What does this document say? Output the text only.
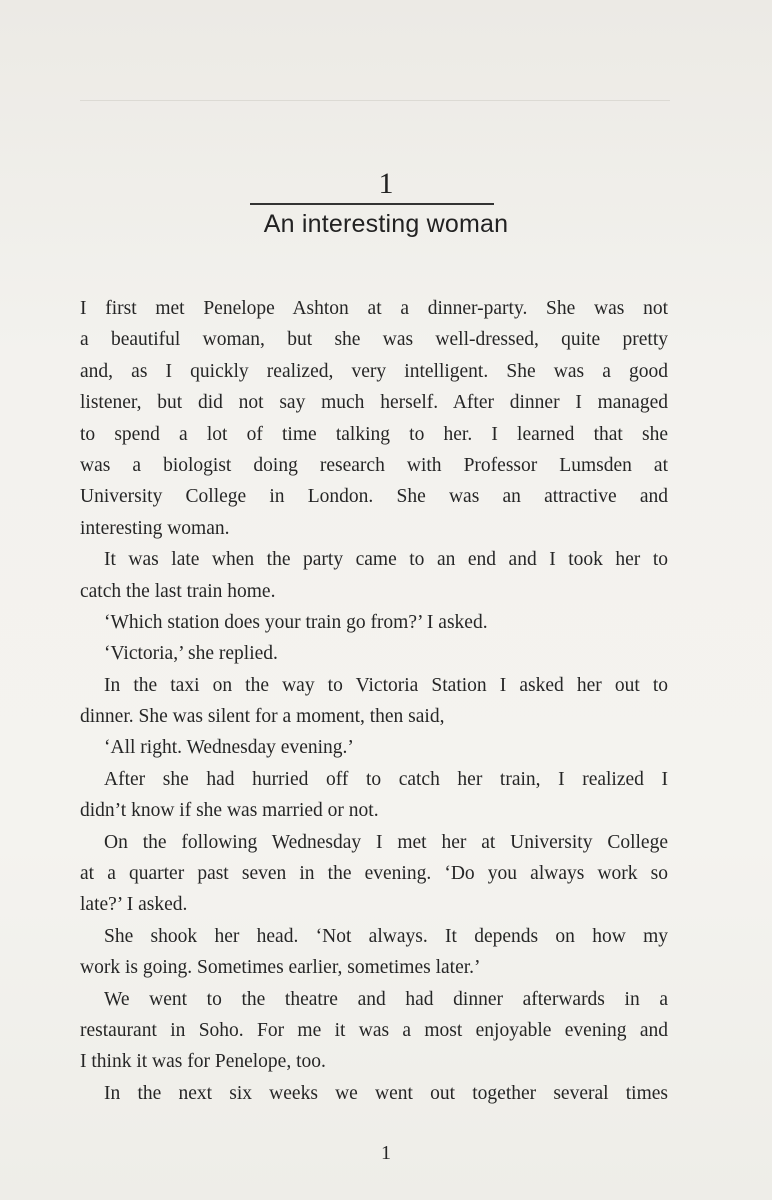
1
An interesting woman
I first met Penelope Ashton at a dinner-party. She was not
a beautiful woman, but she was well-dressed, quite pretty
and, as I quickly realized, very intelligent. She was a good
listener, but did not say much herself. After dinner I managed
to spend a lot of time talking to her. I learned that she
was a biologist doing research with Professor Lumsden at
University College in London. She was an attractive and
interesting woman.
It was late when the party came to an end and I took her to
catch the last train home.
‘Which station does your train go from?’ I asked.
‘Victoria,’ she replied.
In the taxi on the way to Victoria Station I asked her out to
dinner. She was silent for a moment, then said,
‘All right. Wednesday evening.’
After she had hurried off to catch her train, I realized I
didn’t know if she was married or not.
On the following Wednesday I met her at University College
at a quarter past seven in the evening. ‘Do you always work so
late?’ I asked.
She shook her head. ‘Not always. It depends on how my
work is going. Sometimes earlier, sometimes later.’
We went to the theatre and had dinner afterwards in a
restaurant in Soho. For me it was a most enjoyable evening and
I think it was for Penelope, too.
In the next six weeks we went out together several times
1
